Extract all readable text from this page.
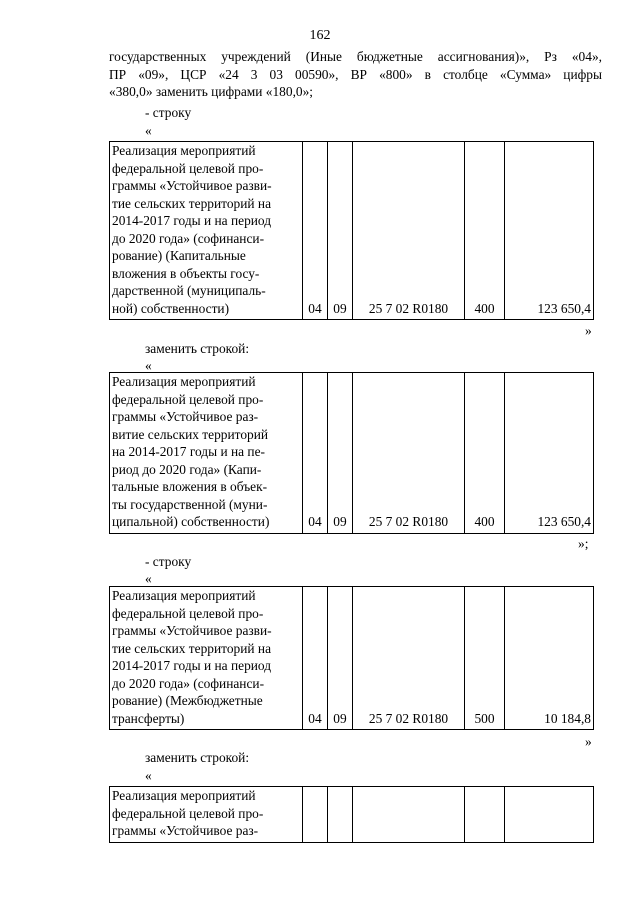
162
государственных учреждений (Иные бюджетные ассигнования)», Рз «04»,
ПР «09», ЦСР «24 3 03 00590», ВР «800» в столбце «Сумма» цифры
«380,0» заменить цифрами «180,0»;
- строку
«
Реализация мероприятий
федеральной целевой про-
граммы «Устойчивое разви-
тие сельских территорий на
2014-2017 годы и на период
до 2020 года» (софинанси-
рование) (Капитальные
вложения в объекты госу-
дарственной (муниципаль-
ной) собственности)	04	09	25 7 02 R0180	400	123 650,4
»
заменить строкой:
«
Реализация мероприятий
федеральной целевой про-
граммы «Устойчивое раз-
витие сельских территорий
на 2014-2017 годы и на пе-
риод до 2020 года» (Капи-
тальные вложения в объек-
ты государственной (муни-
ципальной) собственности)	04	09	25 7 02 R0180	400	123 650,4
»;
- строку
«
Реализация мероприятий
федеральной целевой про-
граммы «Устойчивое разви-
тие сельских территорий на
2014-2017 годы и на период
до 2020 года» (софинанси-
рование) (Межбюджетные
трансферты)	04	09	25 7 02 R0180	500	10 184,8
»
заменить строкой:
«
Реализация мероприятий
федеральной целевой про-
граммы «Устойчивое раз-
